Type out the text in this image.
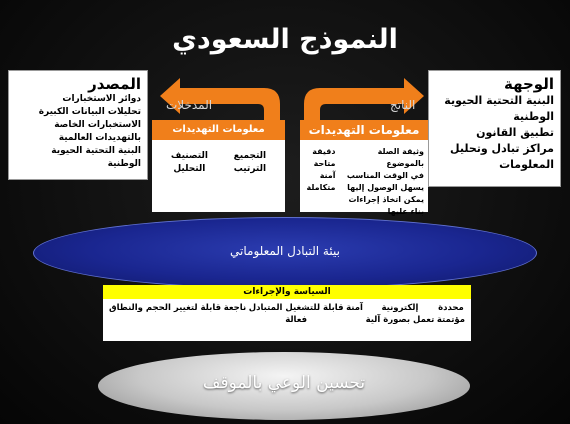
النموذج السعودي
الوجهة
البنية التحتية الحيوية الوطنية
تطبيق القانون
مراكز تبادل وتحليل المعلومات
المصدر
دوائر الاستخبارات
تحليلات البيانات الكبيرة
الاستخبارات الخاصة بالتهديدات العالمية
البنية التحتية الحيوية الوطنية
المدخلات	الناتج
معلومات التهديدات الإلكترونية
التجميع
الترتيب
التصنيف
التحليل
معلومات التهديدات
وثيقة الصلة بالموضوع
في الوقت المناسب
يسهل الوصول إليها
يمكن اتخاذ إجراءات بناء عليها
دقيقة
متاحة
آمنة
متكاملة
بيئة التبادل المعلوماتي
السياسة والإجراءات
محددة
مؤتمتة
إلكترونية
تعمل بصورة آلية
آمنة
قابلة للتشغيل المتبادل
فعالة
ناجعة
قابلة لتغيير الحجم والنطاق
تحسين الوعي بالموقف
